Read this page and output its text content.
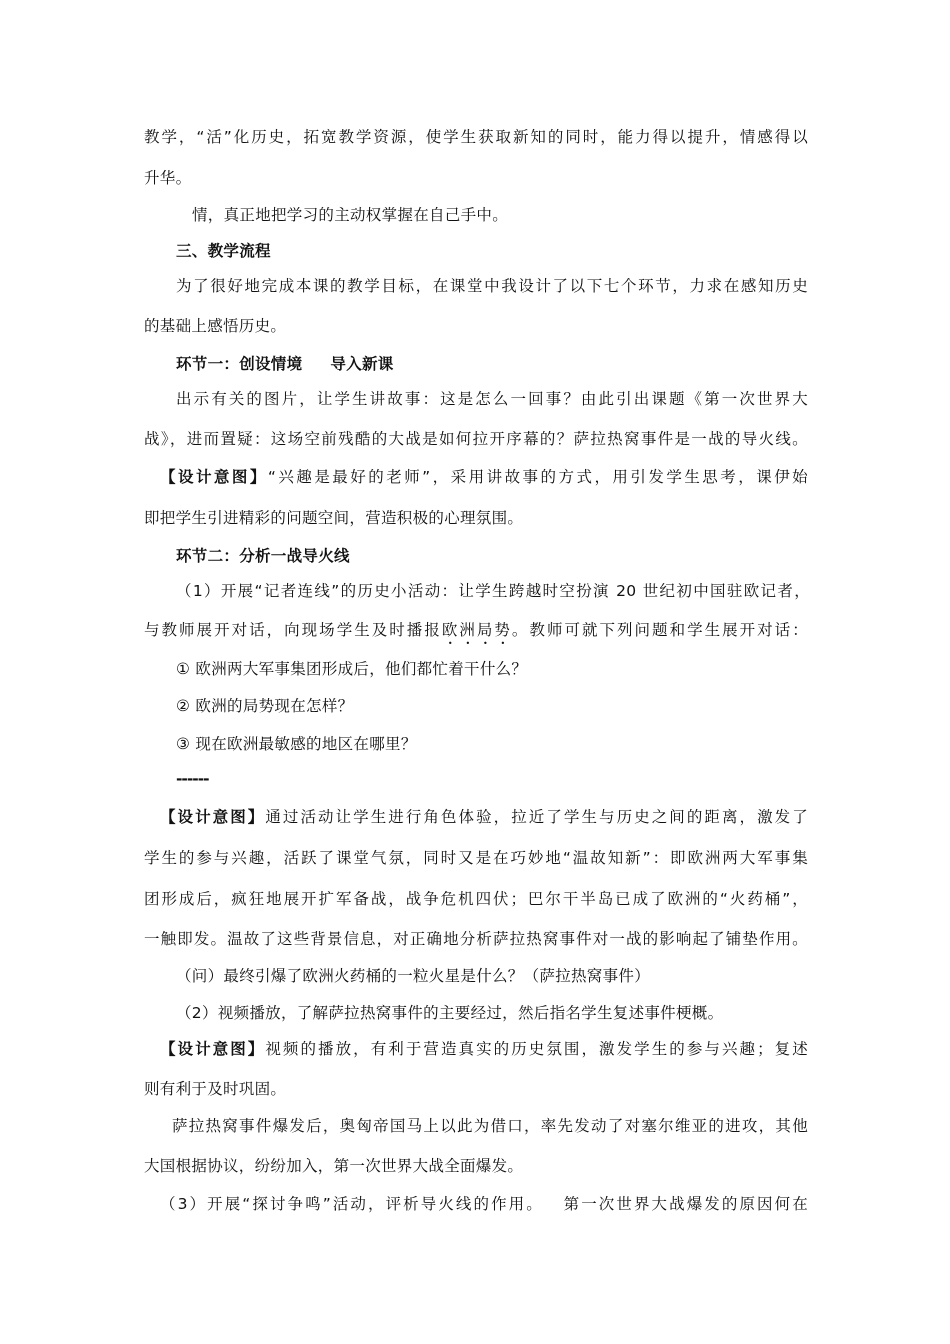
教学，“活”化历史，拓宽教学资源，使学生获取新知的同时，能力得以提升，情感得以
升华。
情，真正地把学习的主动权掌握在自己手中。
三、教学流程
为了很好地完成本课的教学目标，在课堂中我设计了以下七个环节，力求在感知历史
的基础上感悟历史。
环节一：创设情境 导入新课
出示有关的图片，让学生讲故事：这是怎么一回事？由此引出课题《第一次世界大
战》，进而置疑：这场空前残酷的大战是如何拉开序幕的？萨拉热窝事件是一战的导火线。
【设计意图】“兴趣是最好的老师”，采用讲故事的方式，用引发学生思考，课伊始
即把学生引进精彩的问题空间，营造积极的心理氛围。
环节二：分析一战导火线
（1）开展“记者连线”的历史小活动：让学生跨越时空扮演 20 世纪初中国驻欧记者，
与教师展开对话，向现场学生及时播报欧洲局势。教师可就下列问题和学生展开对话：
① 欧洲两大军事集团形成后，他们都忙着干什么？
② 欧洲的局势现在怎样？
③ 现在欧洲最敏感的地区在哪里？
------
【设计意图】通过活动让学生进行角色体验，拉近了学生与历史之间的距离，激发了
学生的参与兴趣，活跃了课堂气氛，同时又是在巧妙地“温故知新”：即欧洲两大军事集
团形成后，疯狂地展开扩军备战，战争危机四伏；巴尔干半岛已成了欧洲的“火药桶”，
一触即发。温故了这些背景信息，对正确地分析萨拉热窝事件对一战的影响起了铺垫作用。
（问）最终引爆了欧洲火药桶的一粒火星是什么？（萨拉热窝事件）
（2）视频播放，了解萨拉热窝事件的主要经过，然后指名学生复述事件梗概。
【设计意图】视频的播放，有利于营造真实的历史氛围，激发学生的参与兴趣；复述
则有利于及时巩固。
萨拉热窝事件爆发后，奥匈帝国马上以此为借口，率先发动了对塞尔维亚的进攻，其他
大国根据协议，纷纷加入，第一次世界大战全面爆发。
（3）开展“探讨争鸣”活动，评析导火线的作用。 第一次世界大战爆发的原因何在
